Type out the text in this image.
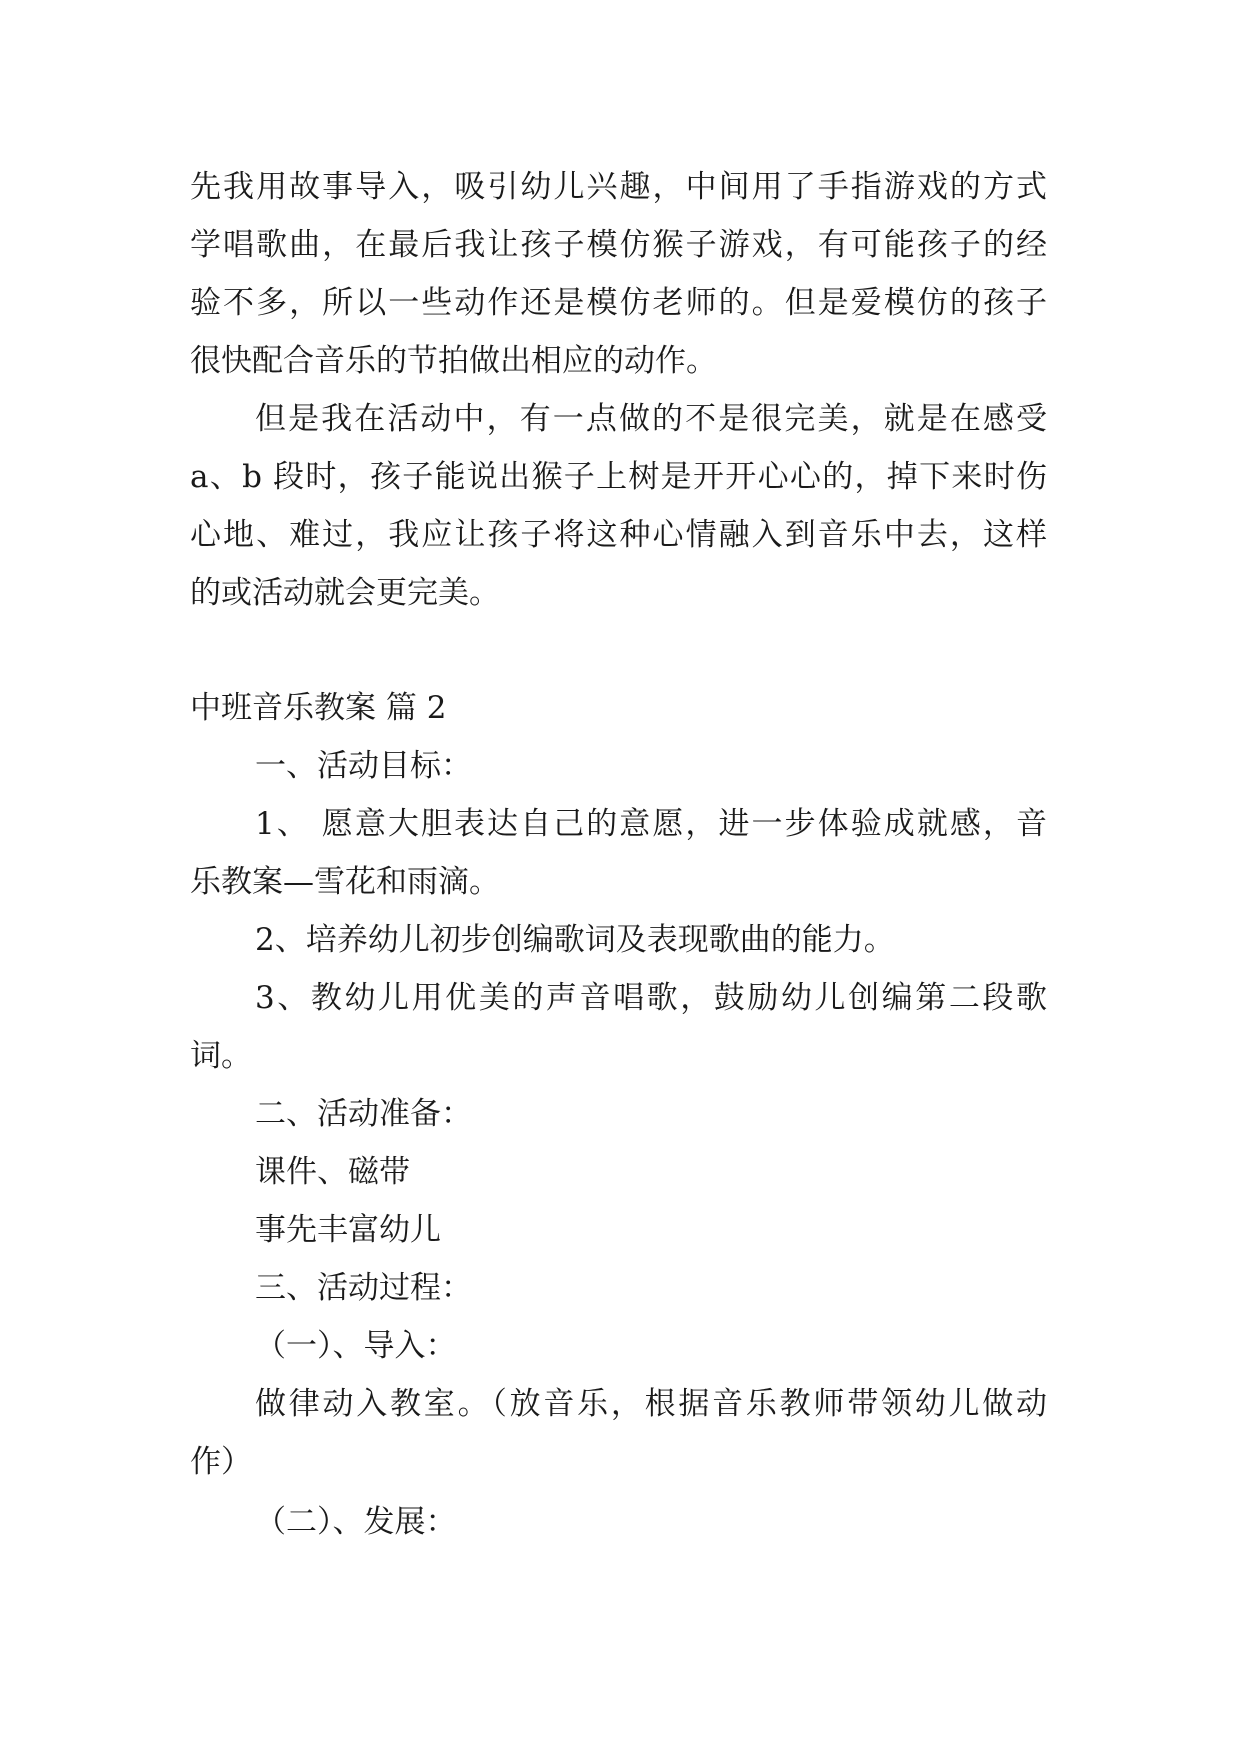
先我用故事导入，吸引幼儿兴趣，中间用了手指游戏的方式
学唱歌曲，在最后我让孩子模仿猴子游戏，有可能孩子的经
验不多，所以一些动作还是模仿老师的。但是爱模仿的孩子
很快配合音乐的节拍做出相应的动作。
但是我在活动中，有一点做的不是很完美，就是在感受
a、b 段时，孩子能说出猴子上树是开开心心的，掉下来时伤
心地、难过，我应让孩子将这种心情融入到音乐中去，这样
的或活动就会更完美。
中班音乐教案 篇 2
一、活动目标：
1、 愿意大胆表达自己的意愿，进一步体验成就感，音
乐教案—雪花和雨滴。
2、培养幼儿初步创编歌词及表现歌曲的能力。
3、教幼儿用优美的声音唱歌，鼓励幼儿创编第二段歌
词。
二、活动准备：
课件、磁带
事先丰富幼儿
三、活动过程：
（一）、导入：
做律动入教室。（放音乐，根据音乐教师带领幼儿做动
作）
（二）、发展：
